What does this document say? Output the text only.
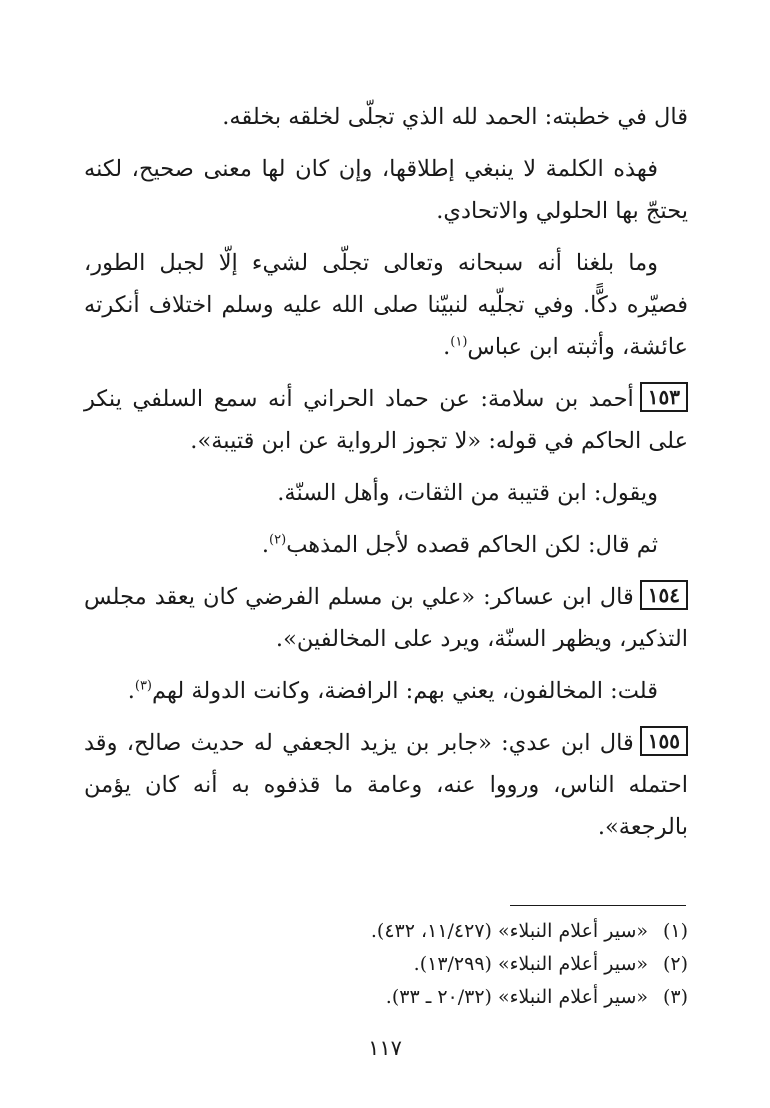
قال في خطبته: الحمد لله الذي تجلّى لخلقه بخلقه.

فهذه الكلمة لا ينبغي إطلاقها، وإن كان لها معنى صحيح، لكنه يحتجّ بها الحلولي والاتحادي.

وما بلغنا أنه سبحانه وتعالى تجلّى لشيء إلّا لجبل الطور، فصيّره دكًّا. وفي تجلّيه لنبيّنا صلى الله عليه وسلم اختلاف أنكرته عائشة، وأثبته ابن عباس$^{(١)}$.

١٥٣أحمد بن سلامة: عن حماد الحراني أنه سمع السلفي ينكر على الحاكم في قوله: «لا تجوز الرواية عن ابن قتيبة».

ويقول: ابن قتيبة من الثقات، وأهل السنّة.

ثم قال: لكن الحاكم قصده لأجل المذهب$^{(٢)}$.

١٥٤قال ابن عساكر: «علي بن مسلم الفرضي كان يعقد مجلس التذكير، ويظهر السنّة، ويرد على المخالفين».

قلت: المخالفون، يعني بهم: الرافضة، وكانت الدولة لهم$^{(٣)}$.

١٥٥قال ابن عدي: «جابر بن يزيد الجعفي له حديث صالح، وقد احتمله الناس، ورووا عنه، وعامة ما قذفوه به أنه كان يؤمن بالرجعة».

(١)«سير أعلام النبلاء» (١١/٤٢٧، ٤٣٢).

(٢)«سير أعلام النبلاء» (١٣/٢٩٩).

(٣)«سير أعلام النبلاء» (٢٠/٣٢ ـ ٣٣).

١١٧
